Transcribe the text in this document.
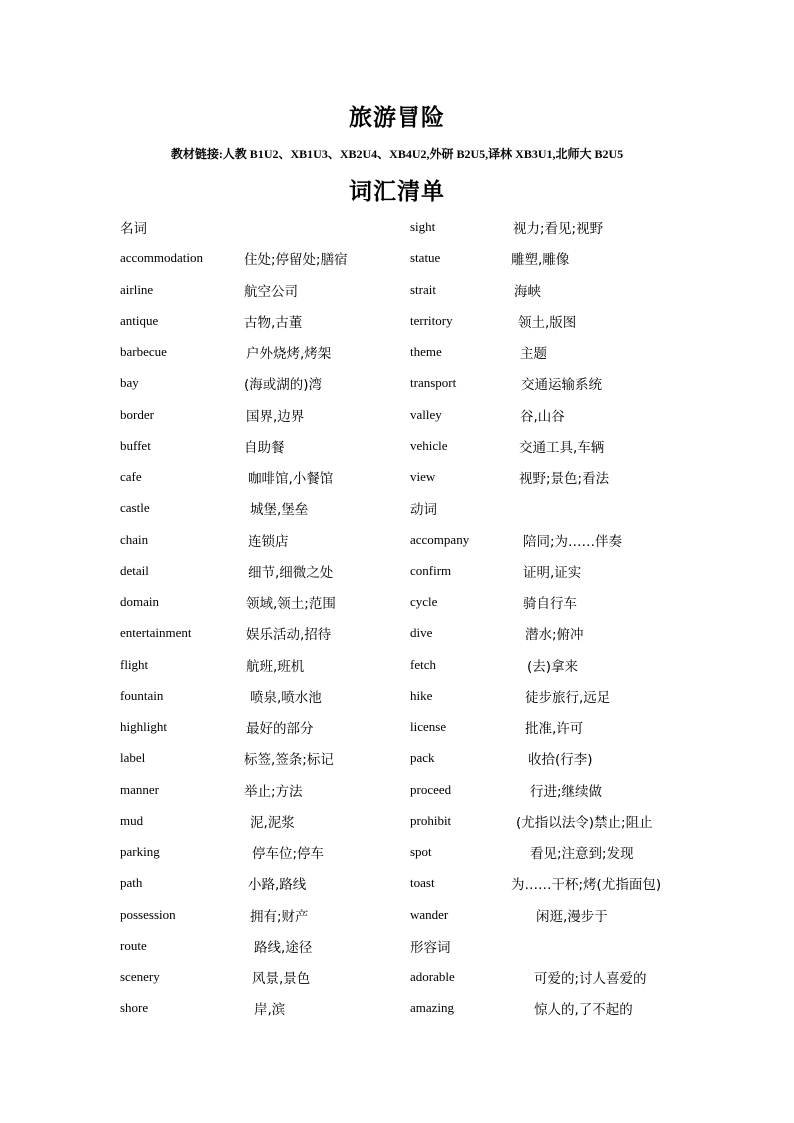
旅游冒险
教材链接:人教 B1U2、XB1U3、XB2U4、XB4U2,外研 B2U5,译林 XB3U1,北师大 B2U5
词汇清单
名词
accommodation	住处;停留处;膳宿
airline	航空公司
antique	古物,古董
barbecue	户外烧烤,烤架
bay	(海或湖的)湾
border	国界,边界
buffet	自助餐
cafe	咖啡馆,小餐馆
castle	城堡,堡垒
chain	连锁店
detail	细节,细微之处
domain	领域,领土;范围
entertainment	娱乐活动,招待
flight	航班,班机
fountain	喷泉,喷水池
highlight	最好的部分
label	标签,签条;标记
manner	举止;方法
mud	泥,泥浆
parking	停车位;停车
path	小路,路线
possession	拥有;财产
route	路线,途径
scenery	风景,景色
shore	岸,滨
sight	视力;看见;视野
statue	雕塑,雕像
strait	海峡
territory	领土,版图
theme	主题
transport	交通运输系统
valley	谷,山谷
vehicle	交通工具,车辆
view	视野;景色;看法
动词
accompany	陪同;为……伴奏
confirm	证明,证实
cycle	骑自行车
dive	潜水;俯冲
fetch	(去)拿来
hike	徒步旅行,远足
license	批准,许可
pack	收拾(行李)
proceed	行进;继续做
prohibit	(尤指以法令)禁止;阻止
spot	看见;注意到;发现
toast	为……干杯;烤(尤指面包)
wander	闲逛,漫步于
形容词
adorable	可爱的;讨人喜爱的
amazing	惊人的,了不起的
